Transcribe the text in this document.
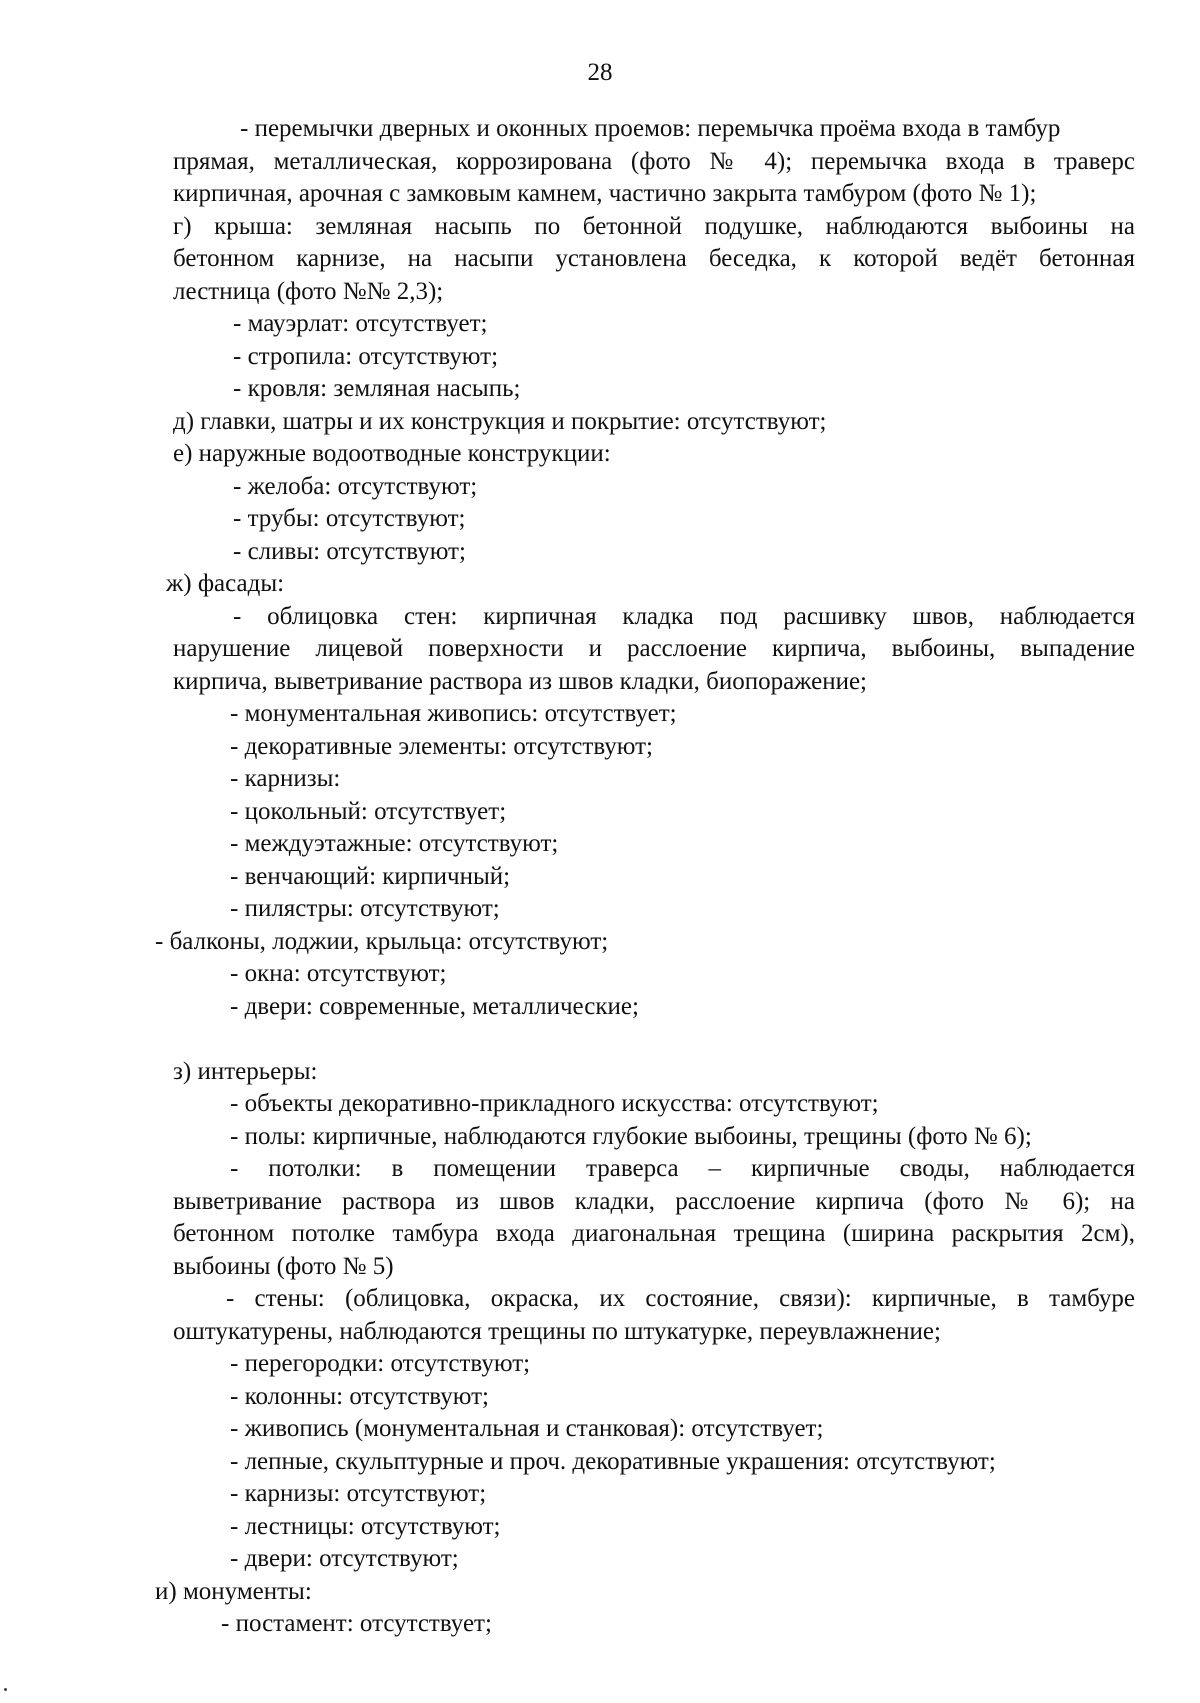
28
- перемычки дверных и оконных проемов: перемычка проёма входа в тамбур
прямая, металлическая, коррозирована (фото № 4); перемычка входа в траверс
кирпичная, арочная с замковым камнем, частично закрыта тамбуром (фото № 1);
г) крыша: земляная насыпь по бетонной подушке, наблюдаются выбоины на
бетонном карнизе, на насыпи установлена беседка, к которой ведёт бетонная
лестница (фото №№ 2,3);
- мауэрлат: отсутствует;
- стропила: отсутствуют;
- кровля: земляная насыпь;
д) главки, шатры и их конструкция и покрытие: отсутствуют;
е) наружные водоотводные конструкции:
- желоба: отсутствуют;
- трубы: отсутствуют;
- сливы: отсутствуют;
ж) фасады:
- облицовка стен: кирпичная кладка под расшивку швов, наблюдается
нарушение лицевой поверхности и расслоение кирпича, выбоины, выпадение
кирпича, выветривание раствора из швов кладки, биопоражение;
- монументальная живопись: отсутствует;
- декоративные элементы: отсутствуют;
- карнизы:
- цокольный: отсутствует;
- междуэтажные: отсутствуют;
- венчающий: кирпичный;
- пилястры: отсутствуют;
- балконы, лоджии, крыльца: отсутствуют;
- окна: отсутствуют;
- двери: современные, металлические;
з) интерьеры:
- объекты декоративно-прикладного искусства: отсутствуют;
- полы: кирпичные, наблюдаются глубокие выбоины, трещины (фото № 6);
- потолки: в помещении траверса – кирпичные своды, наблюдается
выветривание раствора из швов кладки, расслоение кирпича (фото № 6); на
бетонном потолке тамбура входа диагональная трещина (ширина раскрытия 2см),
выбоины (фото № 5)
- стены: (облицовка, окраска, их состояние, связи): кирпичные, в тамбуре
оштукатурены, наблюдаются трещины по штукатурке, переувлажнение;
- перегородки: отсутствуют;
- колонны: отсутствуют;
- живопись (монументальная и станковая): отсутствует;
- лепные, скульптурные и проч. декоративные украшения: отсутствуют;
- карнизы: отсутствуют;
- лестницы: отсутствуют;
- двери: отсутствуют;
и) монументы:
- постамент: отсутствует;
